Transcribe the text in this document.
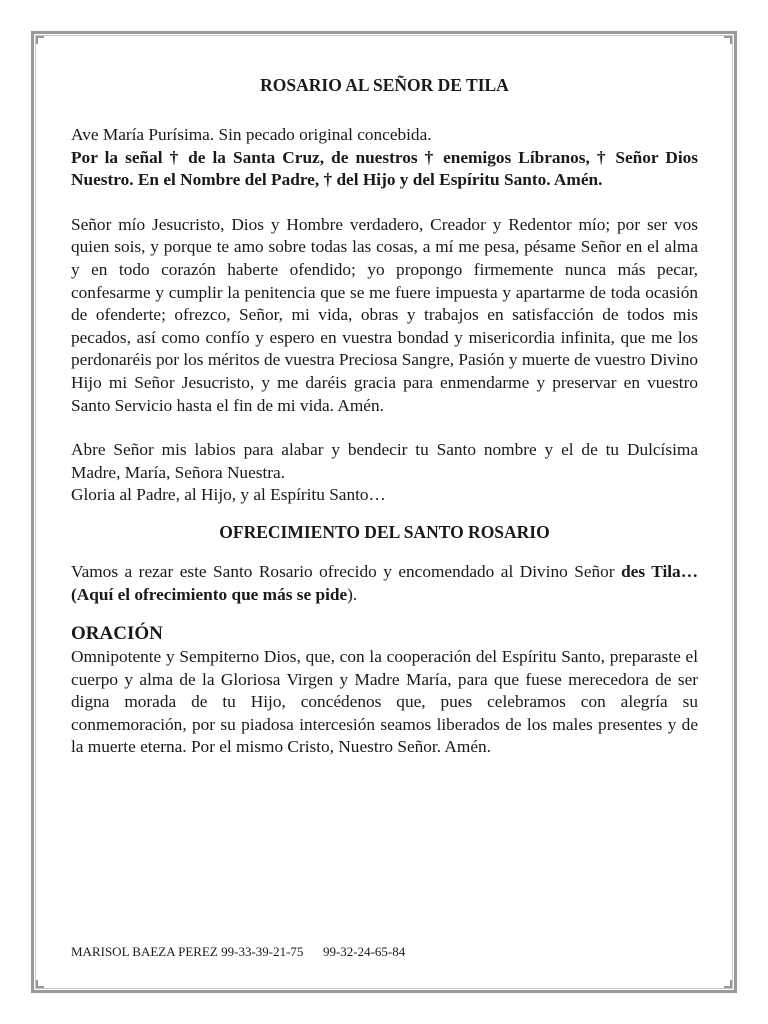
ROSARIO AL SEÑOR DE TILA

Ave María Purísima. Sin pecado original concebida.

Por la señal † de la Santa Cruz, de nuestros † enemigos Líbranos, † Señor Dios Nuestro. En el Nombre del Padre, † del Hijo y del Espíritu Santo. Amén.

Señor mío Jesucristo, Dios y Hombre verdadero, Creador y Redentor mío; por ser vos quien sois, y porque te amo sobre todas las cosas, a mí me pesa, pésame Señor en el alma y en todo corazón haberte ofendido; yo propongo firmemente nunca más pecar, confesarme y cumplir la penitencia que se me fuere impuesta y apartarme de toda ocasión de ofenderte; ofrezco, Señor, mi vida, obras y trabajos en satisfacción de todos mis pecados, así como confío y espero en vuestra bondad y misericordia infinita, que me los perdonaréis por los méritos de vuestra Preciosa Sangre, Pasión y muerte de vuestro Divino Hijo mi Señor Jesucristo, y me daréis gracia para enmendarme y preservar en vuestro Santo Servicio hasta el fin de mi vida. Amén.

Abre Señor mis labios para alabar y bendecir tu Santo nombre y el de tu Dulcísima Madre, María, Señora Nuestra.

Gloria al Padre, al Hijo, y al Espíritu Santo…

OFRECIMIENTO DEL SANTO ROSARIO

Vamos a rezar este Santo Rosario ofrecido y encomendado al Divino Señor des Tila… (Aquí el ofrecimiento que más se pide).

ORACIÓN

Omnipotente y Sempiterno Dios, que, con la cooperación del Espíritu Santo, preparaste el cuerpo y alma de la Gloriosa Virgen y Madre María, para que fuese merecedora de ser digna morada de tu Hijo, concédenos que, pues celebramos con alegría su conmemoración, por su piadosa intercesión seamos liberados de los males presentes y de la muerte eterna. Por el mismo Cristo, Nuestro Señor. Amén.

MARISOL BAEZA PEREZ 99-33-39-21-75 99-32-24-65-84
